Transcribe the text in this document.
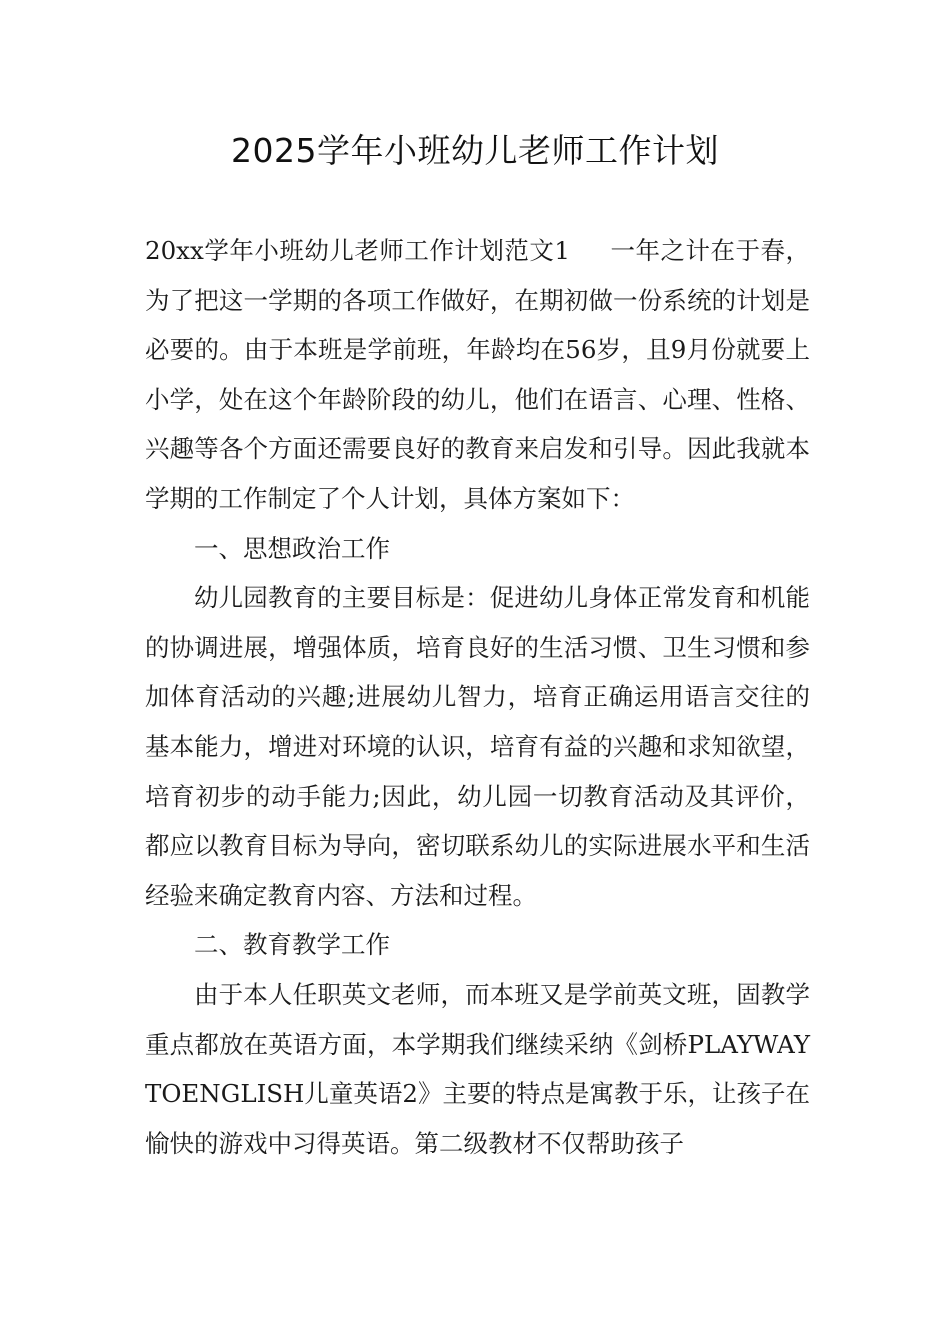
2025学年小班幼儿老师工作计划

20xx学年小班幼儿老师工作计划范文1 一年之计在于春，为了把这一学期的各项工作做好，在期初做一份系统的计划是必要的。由于本班是学前班，年龄均在56岁，且9月份就要上小学，处在这个年龄阶段的幼儿，他们在语言、心理、性格、兴趣等各个方面还需要良好的教育来启发和引导。因此我就本学期的工作制定了个人计划，具体方案如下：

一、思想政治工作

幼儿园教育的主要目标是：促进幼儿身体正常发育和机能的协调进展，增强体质，培育良好的生活习惯、卫生习惯和参加体育活动的兴趣;进展幼儿智力，培育正确运用语言交往的基本能力，增进对环境的认识，培育有益的兴趣和求知欲望，培育初步的动手能力;因此，幼儿园一切教育活动及其评价，都应以教育目标为导向，密切联系幼儿的实际进展水平和生活经验来确定教育内容、方法和过程。

二、教育教学工作

由于本人任职英文老师，而本班又是学前英文班，固教学重点都放在英语方面，本学期我们继续采纳《剑桥PLAYWAYTOENGLISH儿童英语2》主要的特点是寓教于乐，让孩子在愉快的游戏中习得英语。第二级教材不仅帮助孩子
